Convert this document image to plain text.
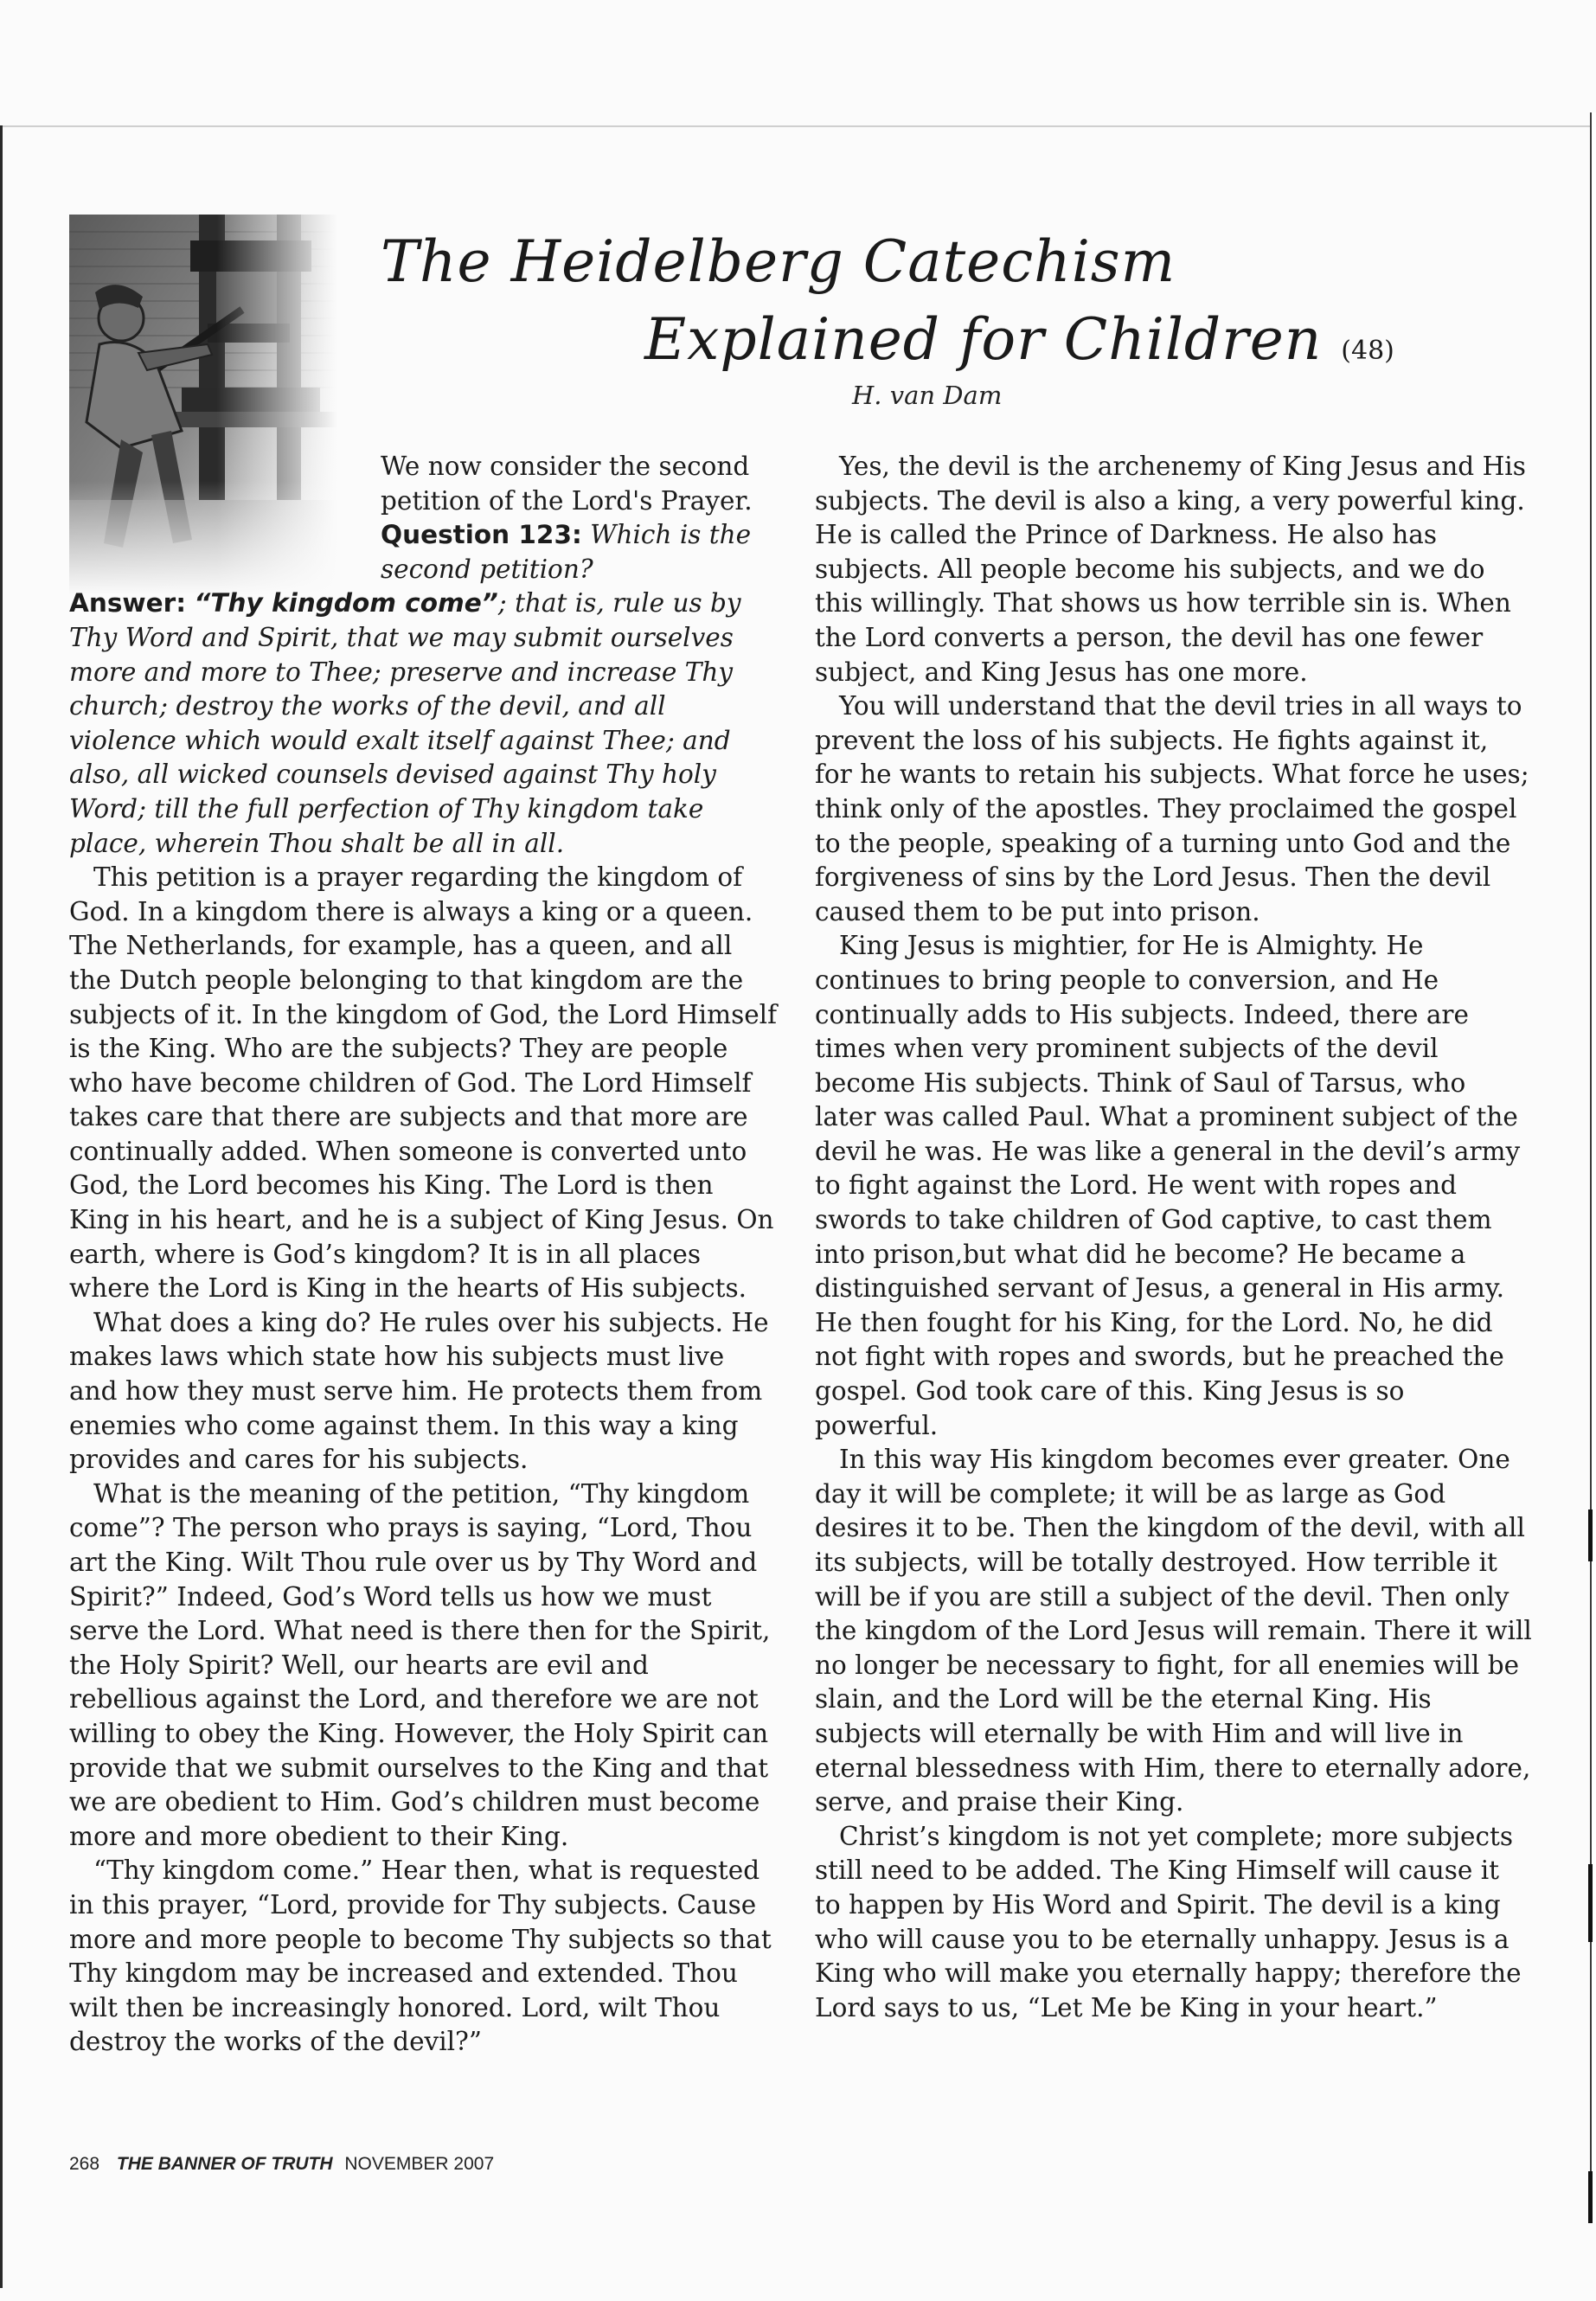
The Heidelberg Catechism
Explained for Children (48)
H. van Dam

We now consider the second

petition of the Lord's Prayer.

Question 123: Which is the second petition?

Answer: “Thy kingdom come”; that is, rule us by Thy Word and Spirit, that we may submit ourselves more and more to Thee; preserve and increase Thy church; destroy the works of the devil, and all violence which would exalt itself against Thee; and also, all wicked counsels devised against Thy holy Word; till the full perfection of Thy kingdom take place, wherein Thou shalt be all in all.

This petition is a prayer regarding the kingdom of God. In a kingdom there is always a king or a queen. The Netherlands, for example, has a queen, and all the Dutch people belonging to that kingdom are the subjects of it. In the kingdom of God, the Lord Himself is the King. Who are the subjects? They are people who have become children of God. The Lord Himself takes care that there are subjects and that more are continually added. When someone is converted unto God, the Lord becomes his King. The Lord is then King in his heart, and he is a subject of King Jesus. On earth, where is God’s kingdom? It is in all places where the Lord is King in the hearts of His subjects.

What does a king do? He rules over his subjects. He makes laws which state how his subjects must live and how they must serve him. He protects them from enemies who come against them. In this way a king provides and cares for his subjects.

What is the meaning of the petition, “Thy kingdom come”? The person who prays is saying, “Lord, Thou art the King. Wilt Thou rule over us by Thy Word and Spirit?” Indeed, God’s Word tells us how we must serve the Lord. What need is there then for the Spirit, the Holy Spirit? Well, our hearts are evil and rebellious against the Lord, and therefore we are not willing to obey the King. However, the Holy Spirit can provide that we submit ourselves to the King and that we are obedient to Him. God’s children must become more and more obedient to their King.

“Thy kingdom come.” Hear then, what is requested in this prayer, “Lord, provide for Thy subjects. Cause more and more people to become Thy subjects so that Thy kingdom may be increased and extended. Thou wilt then be increasingly honored. Lord, wilt Thou destroy the works of the devil?”

Yes, the devil is the archenemy of King Jesus and His subjects. The devil is also a king, a very powerful king. He is called the Prince of Darkness. He also has subjects. All people become his subjects, and we do this willingly. That shows us how terrible sin is. When the Lord converts a person, the devil has one fewer subject, and King Jesus has one more.

You will understand that the devil tries in all ways to prevent the loss of his subjects. He fights against it, for he wants to retain his subjects. What force he uses; think only of the apostles. They proclaimed the gospel to the people, speaking of a turning unto God and the forgiveness of sins by the Lord Jesus. Then the devil caused them to be put into prison.

King Jesus is mightier, for He is Almighty. He continues to bring people to conversion, and He continually adds to His subjects. Indeed, there are times when very prominent subjects of the devil become His subjects. Think of Saul of Tarsus, who later was called Paul. What a prominent subject of the devil he was. He was like a general in the devil’s army to fight against the Lord. He went with ropes and swords to take children of God captive, to cast them into prison,but what did he become? He became a distinguished servant of Jesus, a general in His army. He then fought for his King, for the Lord. No, he did not fight with ropes and swords, but he preached the gospel. God took care of this. King Jesus is so powerful.

In this way His kingdom becomes ever greater. One day it will be complete; it will be as large as God desires it to be. Then the kingdom of the devil, with all its subjects, will be totally destroyed. How terrible it will be if you are still a subject of the devil. Then only the kingdom of the Lord Jesus will remain. There it will no longer be necessary to fight, for all enemies will be slain, and the Lord will be the eternal King. His subjects will eternally be with Him and will live in eternal blessedness with Him, there to eternally adore, serve, and praise their King.

Christ’s kingdom is not yet complete; more subjects still need to be added. The King Himself will cause it to happen by His Word and Spirit. The devil is a king who will cause you to be eternally unhappy. Jesus is a King who will make you eternally happy; therefore the Lord says to us, “Let Me be King in your heart.”

268 THE BANNER OF TRUTH NOVEMBER 2007
